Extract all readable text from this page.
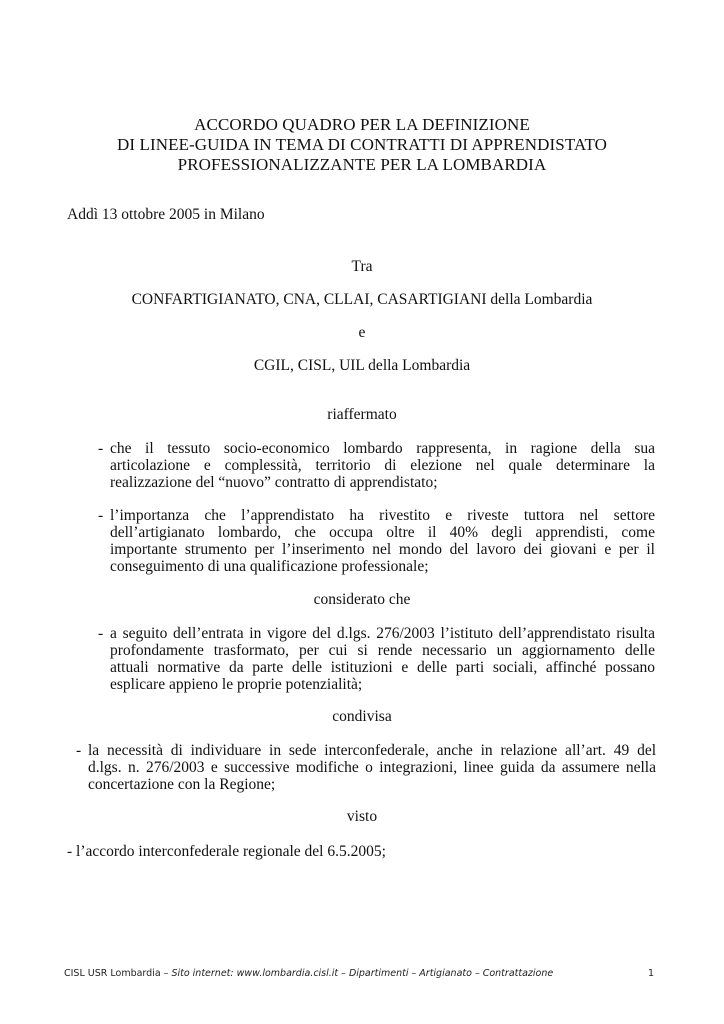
ACCORDO QUADRO PER LA DEFINIZIONE
DI LINEE-GUIDA IN TEMA DI CONTRATTI DI APPRENDISTATO
PROFESSIONALIZZANTE PER LA LOMBARDIA
Addì 13 ottobre 2005 in Milano
Tra
CONFARTIGIANATO, CNA, CLLAI, CASARTIGIANI della Lombardia
e
CGIL, CISL, UIL della Lombardia
riaffermato
- che il tessuto socio-economico lombardo rappresenta, in ragione della sua
articolazione e complessità, territorio di elezione nel quale determinare la
realizzazione del “nuovo” contratto di apprendistato;
- l’importanza che l’apprendistato ha rivestito e riveste tuttora nel settore
dell’artigianato lombardo, che occupa oltre il 40% degli apprendisti, come
importante strumento per l’inserimento nel mondo del lavoro dei giovani e per il
conseguimento di una qualificazione professionale;
considerato che
- a seguito dell’entrata in vigore del d.lgs. 276/2003 l’istituto dell’apprendistato risulta
profondamente trasformato, per cui si rende necessario un aggiornamento delle
attuali normative da parte delle istituzioni e delle parti sociali, affinché possano
esplicare appieno le proprie potenzialità;
condivisa
- la necessità di individuare in sede interconfederale, anche in relazione all’art. 49 del
d.lgs. n. 276/2003 e successive modifiche o integrazioni, linee guida da assumere nella
concertazione con la Regione;
visto
- l’accordo interconfederale regionale del 6.5.2005;
CISL USR Lombardia – Sito internet: www.lombardia.cisl.it – Dipartimenti – Artigianato – Contrattazione	1
